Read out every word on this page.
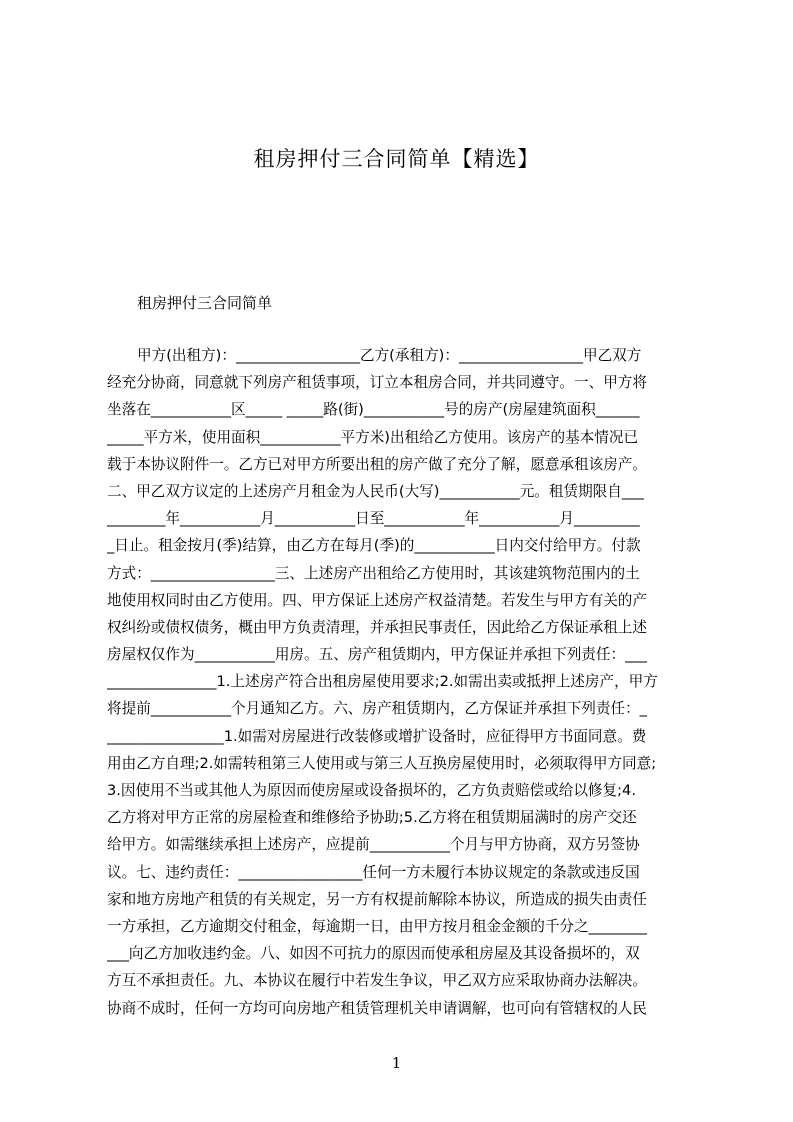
租房押付三合同简单【精选】

租房押付三合同简单

甲方(出租方)：_________________乙方(承租方)：_________________甲乙双方
经充分协商，同意就下列房产租赁事项，订立本租房合同，并共同遵守。一、甲方将
坐落在___________区_____ _____路(街)___________号的房产(房屋建筑面积______
_____平方米，使用面积___________平方米)出租给乙方使用。该房产的基本情况已
载于本协议附件一。乙方已对甲方所要出租的房产做了充分了解，愿意承租该房产。
二、甲乙双方议定的上述房产月租金为人民币(大写)___________元。租赁期限自___
________年___________月___________日至___________年___________月_________
_日止。租金按月(季)结算，由乙方在每月(季)的___________日内交付给甲方。付款
方式：_________________三、上述房产出租给乙方使用时，其该建筑物范围内的土
地使用权同时由乙方使用。四、甲方保证上述房产权益清楚。若发生与甲方有关的产
权纠纷或债权债务，概由甲方负责清理，并承担民事责任，因此给乙方保证承租上述
房屋权仅作为___________用房。五、房产租赁期内，甲方保证并承担下列责任：___
_______________1.上述房产符合出租房屋使用要求;2.如需出卖或抵押上述房产，甲方
将提前___________个月通知乙方。六、房产租赁期内，乙方保证并承担下列责任：_
________________1.如需对房屋进行改装修或增扩设备时，应征得甲方书面同意。费
用由乙方自理;2.如需转租第三人使用或与第三人互换房屋使用时，必须取得甲方同意;
3.因使用不当或其他人为原因而使房屋或设备损坏的，乙方负责赔偿或给以修复;4.
乙方将对甲方正常的房屋检查和维修给予协助;5.乙方将在租赁期届满时的房产交还
给甲方。如需继续承担上述房产，应提前___________个月与甲方协商，双方另签协
议。七、违约责任：_________________任何一方未履行本协议规定的条款或违反国
家和地方房地产租赁的有关规定，另一方有权提前解除本协议，所造成的损失由责任
一方承担，乙方逾期交付租金，每逾期一日，由甲方按月租金金额的千分之________
___向乙方加收违约金。八、如因不可抗力的原因而使承租房屋及其设备损坏的，双
方互不承担责任。九、本协议在履行中若发生争议，甲乙双方应采取协商办法解决。
协商不成时，任何一方均可向房地产租赁管理机关申请调解，也可向有管辖权的人民
1
